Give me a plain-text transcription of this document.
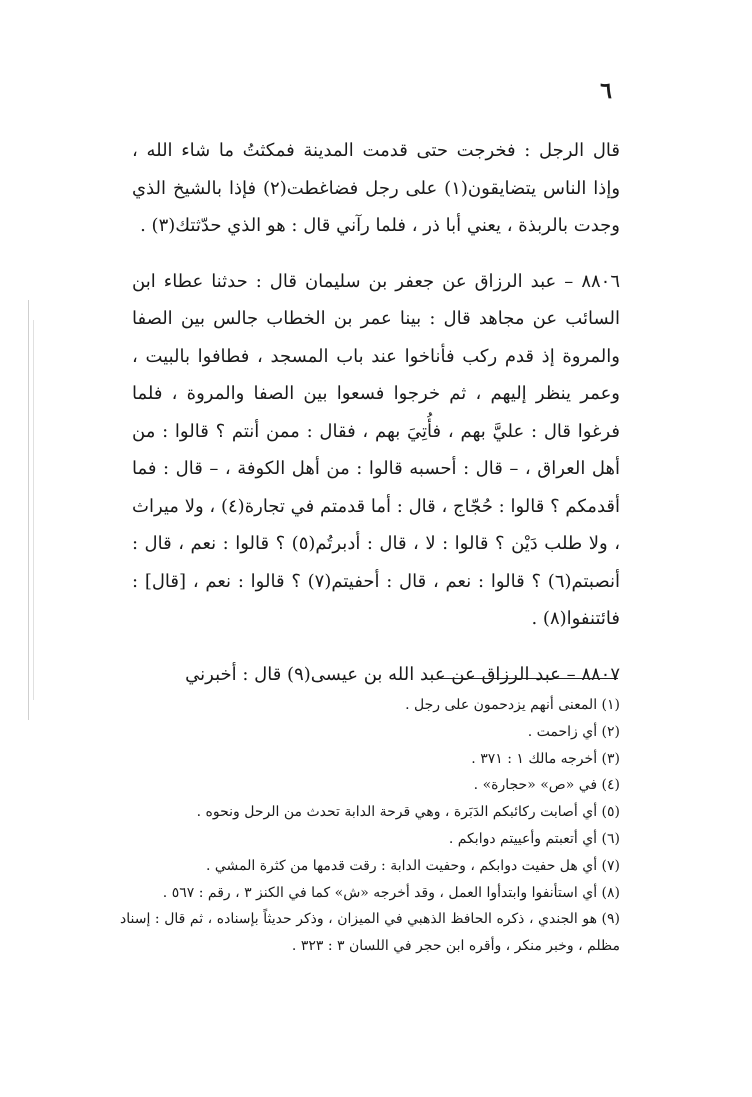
٦

قال الرجل : فخرجت حتى قدمت المدينة فمكثتُ ما شاء الله ، وإذا الناس يتضايقون(١) على رجل فضاغطت(٢) فإذا بالشيخ الذي وجدت بالربذة ، يعني أبا ذر ، فلما رآني قال : هو الذي حدّثتك(٣) .

٨٨٠٦ – عبد الرزاق عن جعفر بن سليمان قال : حدثنا عطاء ابن السائب عن مجاهد قال : بينا عمر بن الخطاب جالس بين الصفا والمروة إذ قدم ركب فأناخوا عند باب المسجد ، فطافوا بالبيت ، وعمر ينظر إليهم ، ثم خرجوا فسعوا بين الصفا والمروة ، فلما فرغوا قال : عليَّ بهم ، فأُتِيَ بهم ، فقال : ممن أنتم ؟ قالوا : من أهل العراق ، – قال : أحسبه قالوا : من أهل الكوفة ، – قال : فما أقدمكم ؟ قالوا : حُجّاج ، قال : أما قدمتم في تجارة(٤) ، ولا ميراث ، ولا طلب دَيْن ؟ قالوا : لا ، قال : أدبرتُم(٥) ؟ قالوا : نعم ، قال : أنصبتم(٦) ؟ قالوا : نعم ، قال : أحفيتم(٧) ؟ قالوا : نعم ، [قال] : فائتنفوا(٨) .

٨٨٠٧ – عبد الرزاق عن عبد الله بن عيسى(٩) قال : أخبرني

(١) المعنى أنهم يزدحمون على رجل .
(٢) أي زاحمت .
(٣) أخرجه مالك ١ : ٣٧١ .
(٤) في «ص» «حجارة» .
(٥) أي أصابت ركائبكم الدَبَرة ، وهي قرحة الدابة تحدث من الرحل ونحوه .
(٦) أي أتعبتم وأعييتم دوابكم .
(٧) أي هل حفيت دوابكم ، وحفيت الدابة : رقت قدمها من كثرة المشي .
(٨) أي استأنفوا وابتدأوا العمل ، وقد أخرجه «ش» كما في الكنز ٣ ، رقم : ٥٦٧ .
(٩) هو الجندي ، ذكره الحافظ الذهبي في الميزان ، وذكر حديثاً بإسناده ، ثم قال : إسناد مظلم ، وخبر منكر ، وأقره ابن حجر في اللسان ٣ : ٣٢٣ .
